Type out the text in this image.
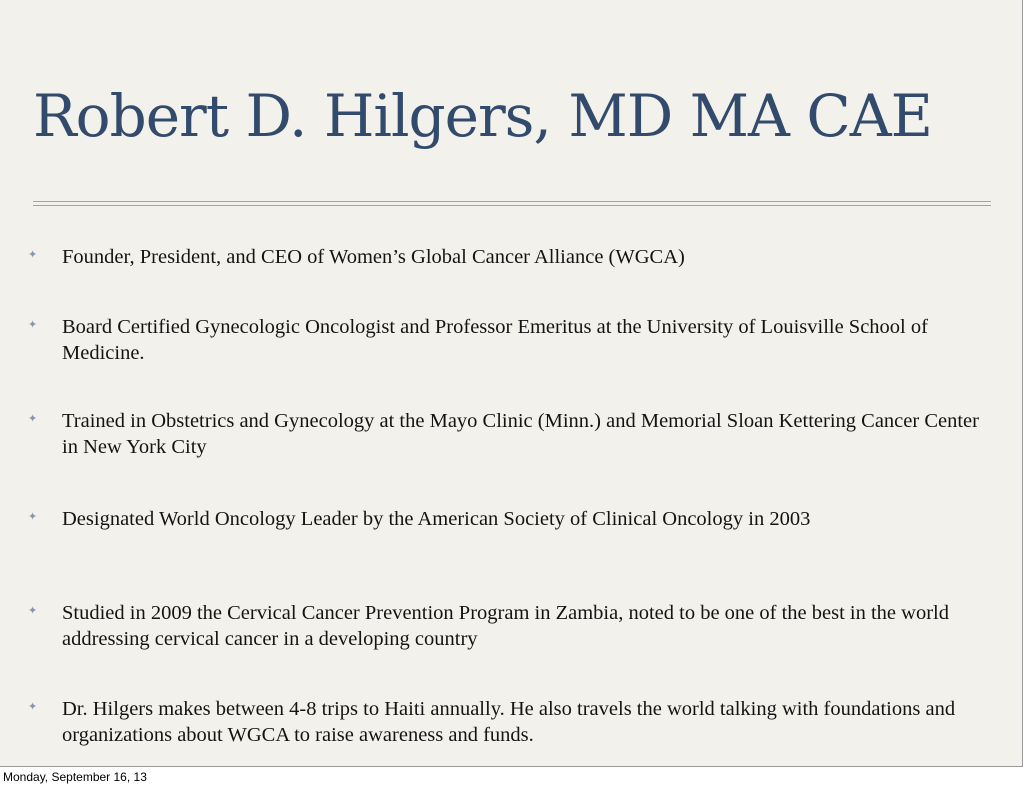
Robert D. Hilgers, MD MA CAE
✦ Founder, President, and CEO of Women’s Global Cancer Alliance (WGCA)
✦ Board Certified Gynecologic Oncologist and Professor Emeritus at the University of Louisville School of Medicine.
✦ Trained in Obstetrics and Gynecology at the Mayo Clinic (Minn.) and Memorial Sloan Kettering Cancer Center in New York City
✦ Designated World Oncology Leader by the American Society of Clinical Oncology in 2003
✦ Studied in 2009 the Cervical Cancer Prevention Program in Zambia, noted to be one of the best in the world addressing cervical cancer in a developing country
✦ Dr. Hilgers makes between 4-8 trips to Haiti annually. He also travels the world talking with foundations and organizations about WGCA to raise awareness and funds.
Monday, September 16, 13
